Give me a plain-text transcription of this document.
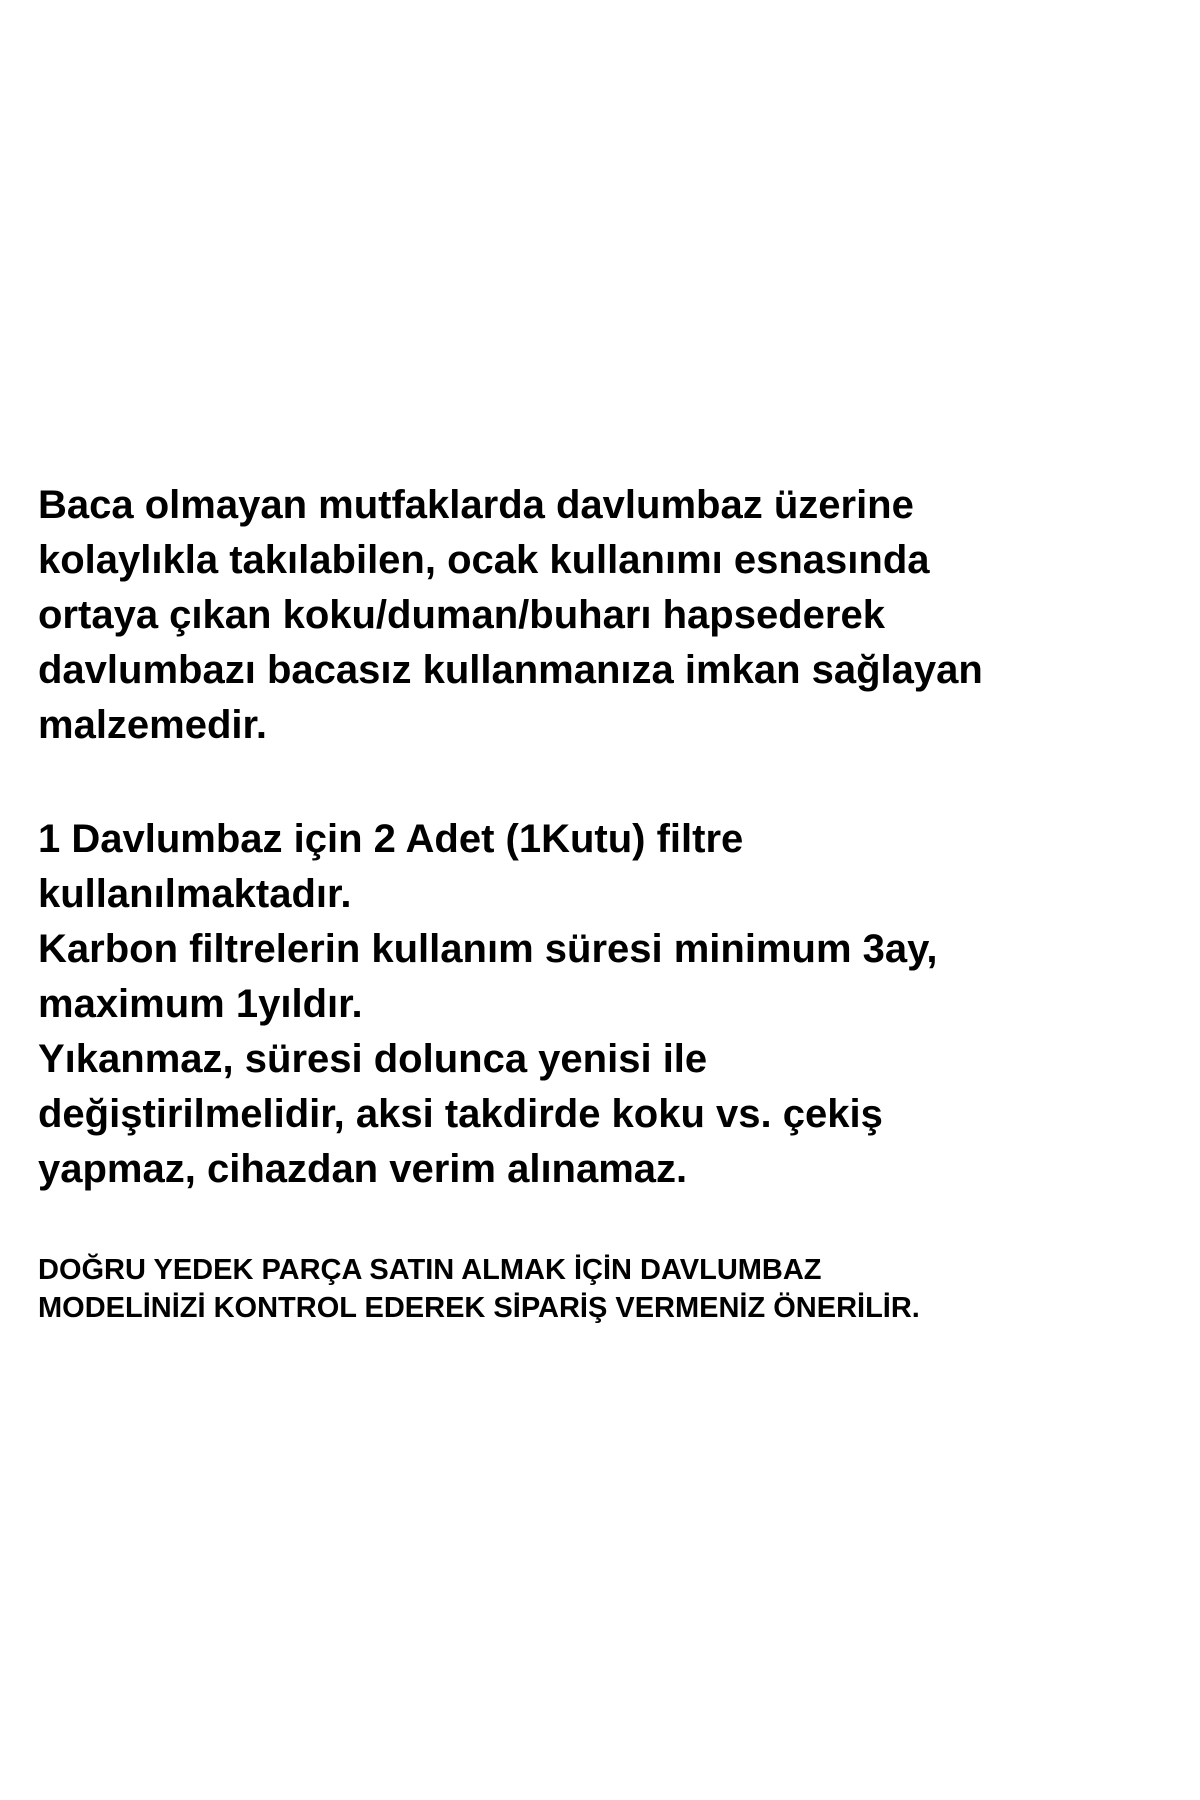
Baca olmayan mutfaklarda davlumbaz üzerine
kolaylıkla takılabilen, ocak kullanımı esnasında
ortaya çıkan koku/duman/buharı hapsederek
davlumbazı bacasız kullanmanıza imkan sağlayan
malzemedir.
1 Davlumbaz için 2 Adet (1Kutu) filtre
kullanılmaktadır.
Karbon filtrelerin kullanım süresi minimum 3ay,
maximum 1yıldır.
Yıkanmaz, süresi dolunca yenisi ile
değiştirilmelidir, aksi takdirde koku vs. çekiş
yapmaz, cihazdan verim alınamaz.
DOĞRU YEDEK PARÇA SATIN ALMAK İÇİN DAVLUMBAZ
MODELİNİZİ KONTROL EDEREK SİPARİŞ VERMENİZ ÖNERİLİR.
